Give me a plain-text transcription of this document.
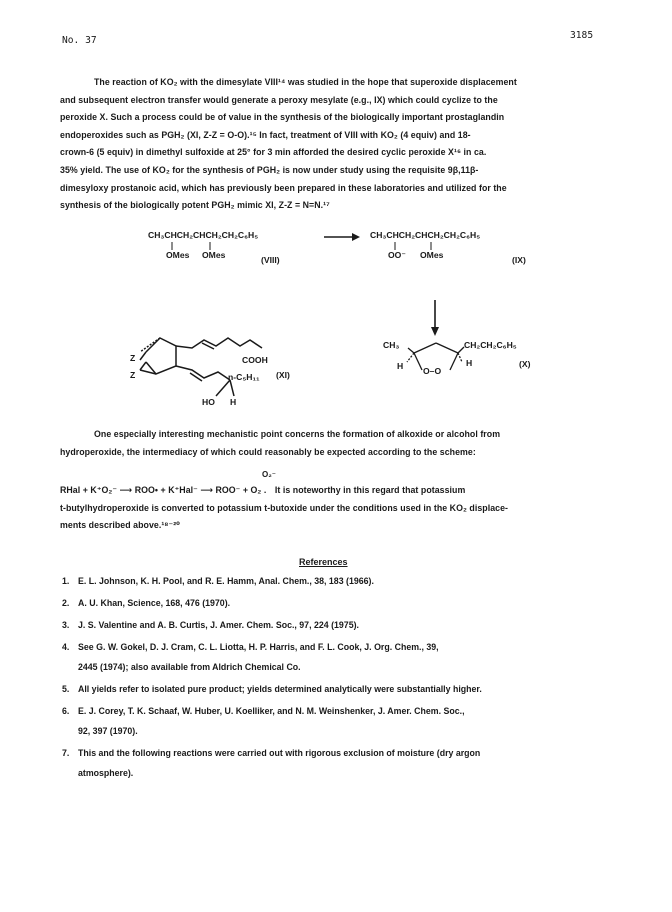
No. 37	3185
The reaction of KO₂ with the dimesylate VIII¹⁴ was studied in the hope that superoxide displacement
and subsequent electron transfer would generate a peroxy mesylate (e.g., IX) which could cyclize to the
peroxide X. Such a process could be of value in the synthesis of the biologically important prostaglandin
endoperoxides such as PGH₂ (XI, Z-Z = O-O).¹⁵ In fact, treatment of VIII with KO₂ (4 equiv) and 18-
crown-6 (5 equiv) in dimethyl sulfoxide at 25° for 3 min afforded the desired cyclic peroxide X¹⁶ in ca.
35% yield. The use of KO₂ for the synthesis of PGH₂ is now under study using the requisite 9β,11β-
dimesyloxy prostanoic acid, which has previously been prepared in these laboratories and utilized for the
synthesis of the biologically potent PGH₂ mimic XI, Z-Z = N=N.¹⁷
CH₃CHCH₂CHCH₂CH₂C₆H₅
OMes OMes	(VIII)
CH₃CHCH₂CHCH₂CH₂C₆H₅
OO⁻ OMes	(IX)
CH₃	CH₂CH₂C₆H₅
H	H
O–O
(X)
Z
Z
COOH
n-C₅H₁₁ (XI)
HO H
One especially interesting mechanistic point concerns the formation of alkoxide or alcohol from
hydroperoxide, the intermediacy of which could reasonably be expected according to the scheme:
O₂⁻
RHal + K⁺O₂⁻ ⟶ ROO• + K⁺Hal⁻ ⟶ ROO⁻ + O₂ . It is noteworthy in this regard that potassium
t-butylhydroperoxide is converted to potassium t-butoxide under the conditions used in the KO₂ displace-
ments described above.¹⁸⁻²⁰
References
1. E. L. Johnson, K. H. Pool, and R. E. Hamm, Anal. Chem., 38, 183 (1966).
2. A. U. Khan, Science, 168, 476 (1970).
3. J. S. Valentine and A. B. Curtis, J. Amer. Chem. Soc., 97, 224 (1975).
4. See G. W. Gokel, D. J. Cram, C. L. Liotta, H. P. Harris, and F. L. Cook, J. Org. Chem., 39,
2445 (1974); also available from Aldrich Chemical Co.
5. All yields refer to isolated pure product; yields determined analytically were substantially higher.
6. E. J. Corey, T. K. Schaaf, W. Huber, U. Koelliker, and N. M. Weinshenker, J. Amer. Chem. Soc.,
92, 397 (1970).
7. This and the following reactions were carried out with rigorous exclusion of moisture (dry argon
atmosphere).
